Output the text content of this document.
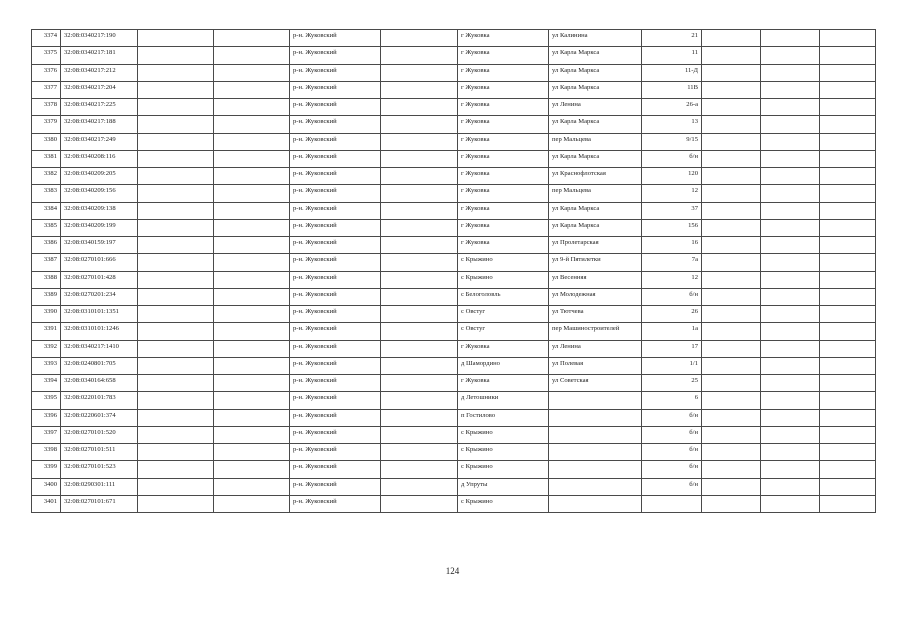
3374	32:08:0340217:190			р-н. Жуковский		г Жуковка	ул Калинина	21			
3375	32:08:0340217:181			р-н. Жуковский		г Жуковка	ул Карла Маркса	11			
3376	32:08:0340217:212			р-н. Жуковский		г Жуковка	ул Карла Маркса	11-Д			
3377	32:08:0340217:204			р-н. Жуковский		г Жуковка	ул Карла Маркса	11В			
3378	32:08:0340217:225			р-н. Жуковский		г Жуковка	ул Ленина	26-а			
3379	32:08:0340217:188			р-н. Жуковский		г Жуковка	ул Карла Маркса	13			
3380	32:08:0340217:249			р-н. Жуковский		г Жуковка	пер Мальцева	9/15			
3381	32:08:0340208:116			р-н. Жуковский		г Жуковка	ул Карла Маркса	б/н			
3382	32:08:0340209:205			р-н. Жуковский		г Жуковка	ул Краснофлотская	120			
3383	32:08:0340209:156			р-н. Жуковский		г Жуковка	пер Мальцева	12			
3384	32:08:0340209:138			р-н. Жуковский		г Жуковка	ул Карла Маркса	37			
3385	32:08:0340209:199			р-н. Жуковский		г Жуковка	ул Карла Маркса	156			
3386	32:08:0340159:197			р-н. Жуковский		г Жуковка	ул Пролетарская	16			
3387	32:08:0270101:666			р-н. Жуковский		с Крыжино	ул 9-й Пятилетки	7а			
3388	32:08:0270101:428			р-н. Жуковский		с Крыжино	ул Весенняя	12			
3389	32:08:0270201:234			р-н. Жуковский		с Белоголовль	ул Молодежная	б/н			
3390	32:08:0310101:1351			р-н. Жуковский		с Овстуг	ул Тютчева	26			
3391	32:08:0310101:1246			р-н. Жуковский		с Овстуг	пер Машиностроителей	1а			
3392	32:08:0340217:1410			р-н. Жуковский		г Жуковка	ул Ленина	17			
3393	32:08:0240801:705			р-н. Жуковский		д Шамордино	ул Полевая	1/1			
3394	32:08:0340164:658			р-н. Жуковский		г Жуковка	ул Советская	25			
3395	32:08:0220101:783			р-н. Жуковский		д Летошники		6			
3396	32:08:0220601:374			р-н. Жуковский		п Гостилово		б/н			
3397	32:08:0270101:520			р-н. Жуковский		с Крыжино		б/н			
3398	32:08:0270101:511			р-н. Жуковский		с Крыжино		б/н			
3399	32:08:0270101:523			р-н. Жуковский		с Крыжино		б/н			
3400	32:08:0290301:111			р-н. Жуковский		д Упруты		б/н			
3401	32:08:0270101:671			р-н. Жуковский		с Крыжино					
124
